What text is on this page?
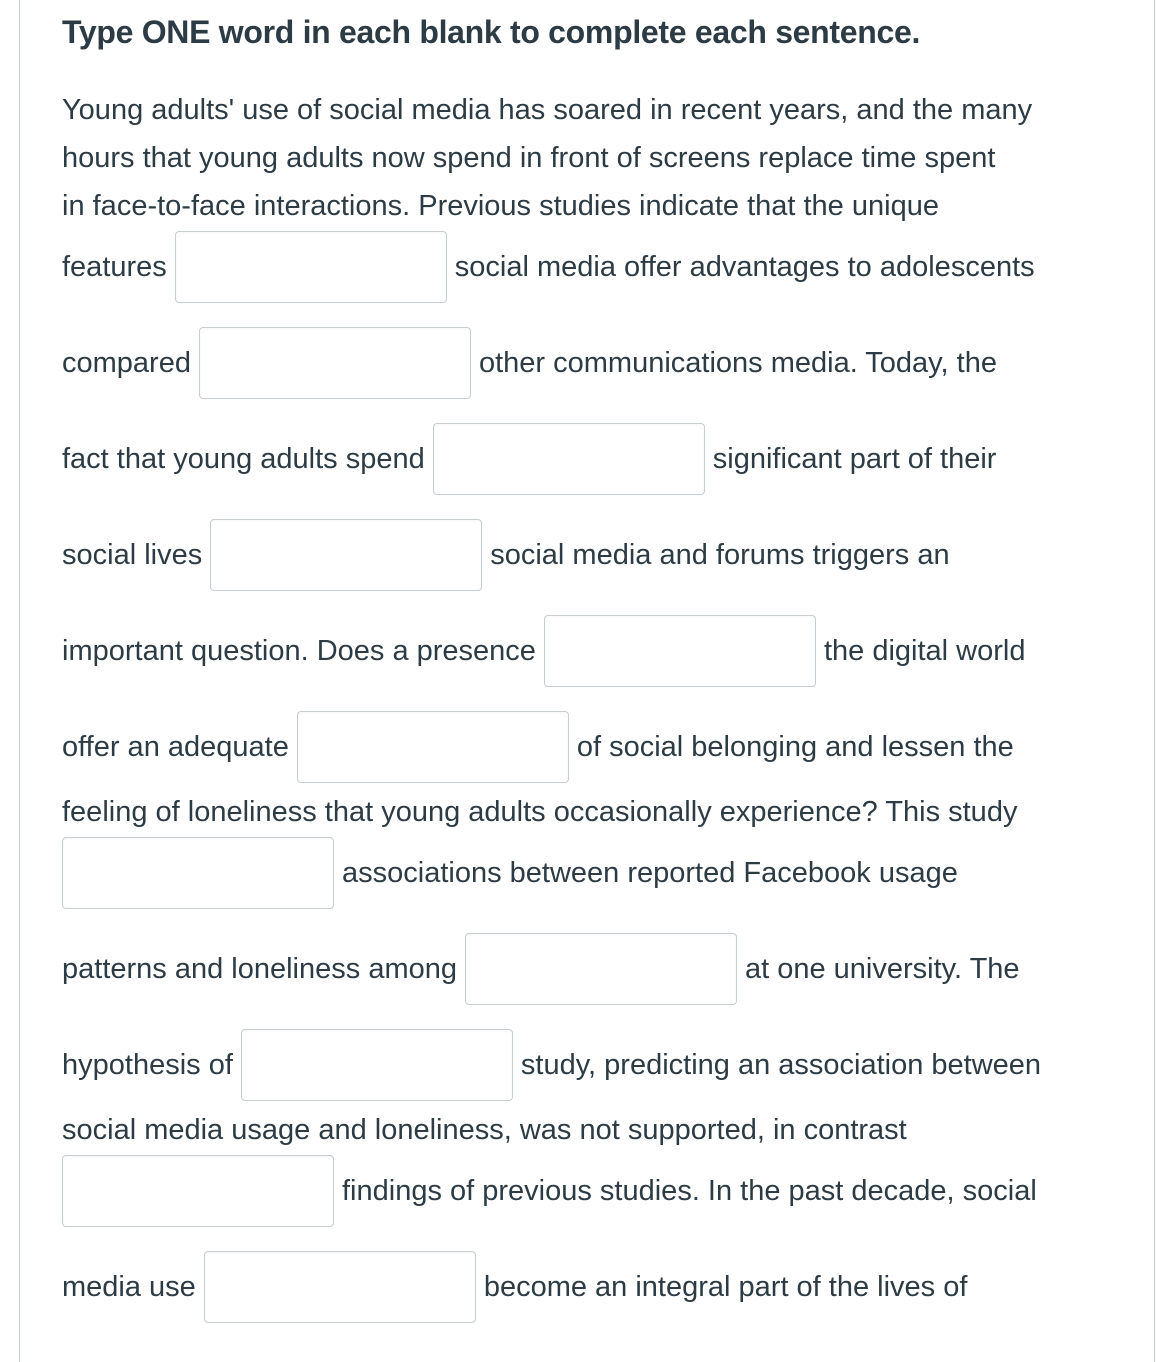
Type ONE word in each blank to complete each sentence.
Young adults' use of social media has soared in recent years, and the many
hours that young adults now spend in front of screens replace time spent
in face-to-face interactions. Previous studies indicate that the unique
features	social media offer advantages to adolescents
compared	other communications media. Today, the
fact that young adults spend	significant part of their
social lives	social media and forums triggers an
important question. Does a presence	the digital world
offer an adequate	of social belonging and lessen the
feeling of loneliness that young adults occasionally experience? This study
associations between reported Facebook usage
patterns and loneliness among	at one university. The
hypothesis of	study, predicting an association between
social media usage and loneliness, was not supported, in contrast
findings of previous studies. In the past decade, social
media use	become an integral part of the lives of
